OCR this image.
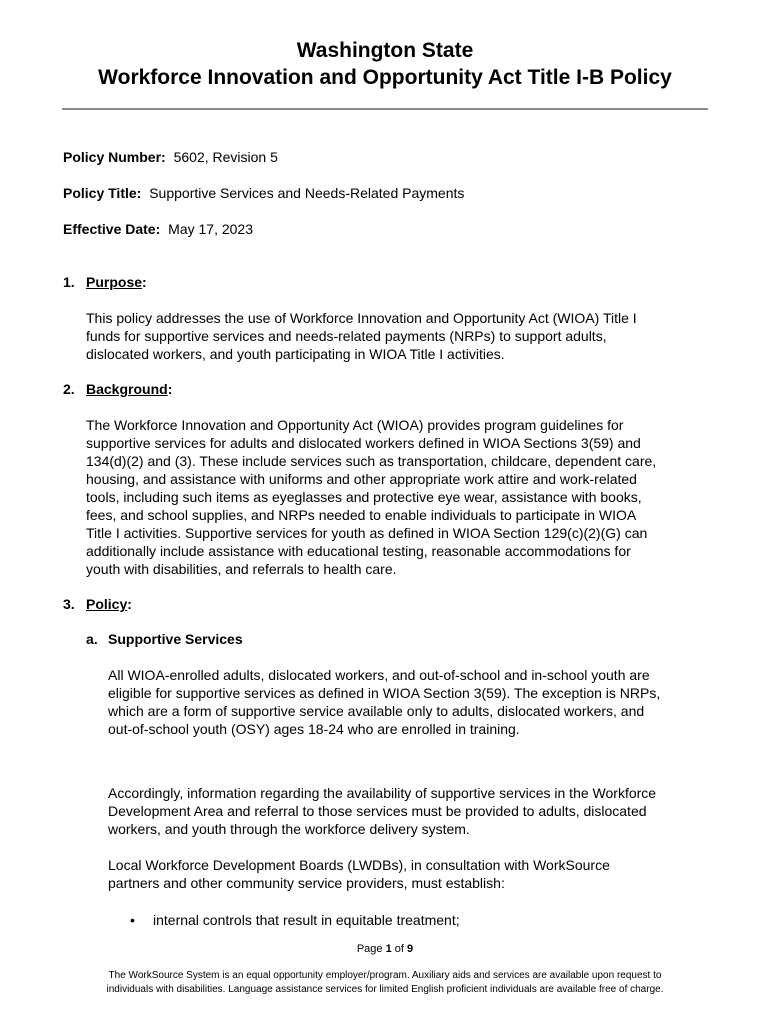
Washington State
Workforce Innovation and Opportunity Act Title I-B Policy
Policy Number: 5602, Revision 5
Policy Title: Supportive Services and Needs-Related Payments
Effective Date: May 17, 2023
1. Purpose:
This policy addresses the use of Workforce Innovation and Opportunity Act (WIOA) Title I
funds for supportive services and needs-related payments (NRPs) to support adults,
dislocated workers, and youth participating in WIOA Title I activities.
2. Background:
The Workforce Innovation and Opportunity Act (WIOA) provides program guidelines for
supportive services for adults and dislocated workers defined in WIOA Sections 3(59) and
134(d)(2) and (3). These include services such as transportation, childcare, dependent care,
housing, and assistance with uniforms and other appropriate work attire and work-related
tools, including such items as eyeglasses and protective eye wear, assistance with books,
fees, and school supplies, and NRPs needed to enable individuals to participate in WIOA
Title I activities. Supportive services for youth as defined in WIOA Section 129(c)(2)(G) can
additionally include assistance with educational testing, reasonable accommodations for
youth with disabilities, and referrals to health care.
3. Policy:
a. Supportive Services
All WIOA-enrolled adults, dislocated workers, and out-of-school and in-school youth are
eligible for supportive services as defined in WIOA Section 3(59). The exception is NRPs,
which are a form of supportive service available only to adults, dislocated workers, and
out-of-school youth (OSY) ages 18-24 who are enrolled in training.
Accordingly, information regarding the availability of supportive services in the Workforce
Development Area and referral to those services must be provided to adults, dislocated
workers, and youth through the workforce delivery system.
Local Workforce Development Boards (LWDBs), in consultation with WorkSource
partners and other community service providers, must establish:
• internal controls that result in equitable treatment;
Page 1 of 9
The WorkSource System is an equal opportunity employer/program. Auxiliary aids and services are available upon request to
individuals with disabilities. Language assistance services for limited English proficient individuals are available free of charge.
